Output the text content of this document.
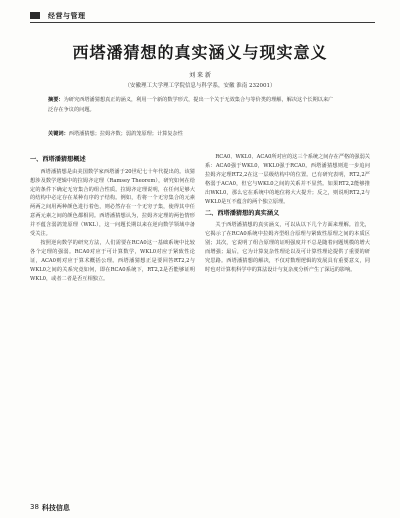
经营与管理
西塔潘猜想的真实涵义与现实意义
刘 来 新
（安徽理工大学理工学院信息与科学系，安徽 淮南 232001）
摘要：为研究西塔潘猜想真正的涵义，利用一个新的数学形式，提出一个关于无效集合与等价类的理解，解决这个长期以来广泛存在争议的问题。
关键词：西塔潘猜想；拉姆齐数；弱鸽笼原理；计算复杂性
一、西塔潘猜想概述

西塔潘猜想是由美国数学家西塔潘于20世纪七十年代提出的。该猜想涉及数学逻辑中的拉姆齐定理（Ramsey Theorem），研究如何在给定的条件下确定无穷集合的组合性质。拉姆齐定理说明，在任何足够大的结构中必定存在某种有序的子结构。例如，若将一个无穷集合的元素两两之间用两种颜色进行着色，则必然存在一个无穷子集，使得其中任意两元素之间的颜色都相同。西塔潘猜想认为，拉姆齐定理的两色情形并不蕴含弱鸽笼原理（WKL），这一问题长期以来在逆向数学领域中备受关注。

按照逆向数学的研究方法，人们需要在RCA0这一基础系统中比较各个定理的强弱。RCA0对应于可计算数学，WKL0对应于紧致性论证，ACA0则对应于算术概括公理。西塔潘猜想正是要回答RT2,2与WKL0之间的关系究竟如何，即在RCA0系统下，RT2,2是否能够证明WKL0，或者二者是否互相独立。

RCA0、WKL0、ACA0所对应的这三个系统之间存在严格的强弱关系：ACA0强于WKL0，WKL0强于RCA0。西塔潘猜想则进一步追问拉姆齐定理RT2,2在这一层级结构中的位置。已有研究表明，RT2,2严格弱于ACA0，但它与WKL0之间的关系并不显然。如果RT2,2能够推出WKL0，那么它在系统中的地位将大大提升；反之，则说明RT2,2与WKL0是互不蕴含的两个独立原理。

二、西塔潘猜想的真实涵义

关于西塔潘猜想的真实涵义，可以从以下几个方面来理解。首先，它揭示了在RCA0系统中拉姆齐型组合原理与紧致性原理之间的本质区别；其次，它说明了组合原理的证明强度并不总是随着问题规模的增大而增强；最后，它为计算复杂性理论以及可计算性理论提供了重要的研究思路。西塔潘猜想的解决，不仅对数理逻辑的发展具有重要意义，同时也对计算机科学中的算法设计与复杂度分析产生了深远的影响。

38 科技信息
